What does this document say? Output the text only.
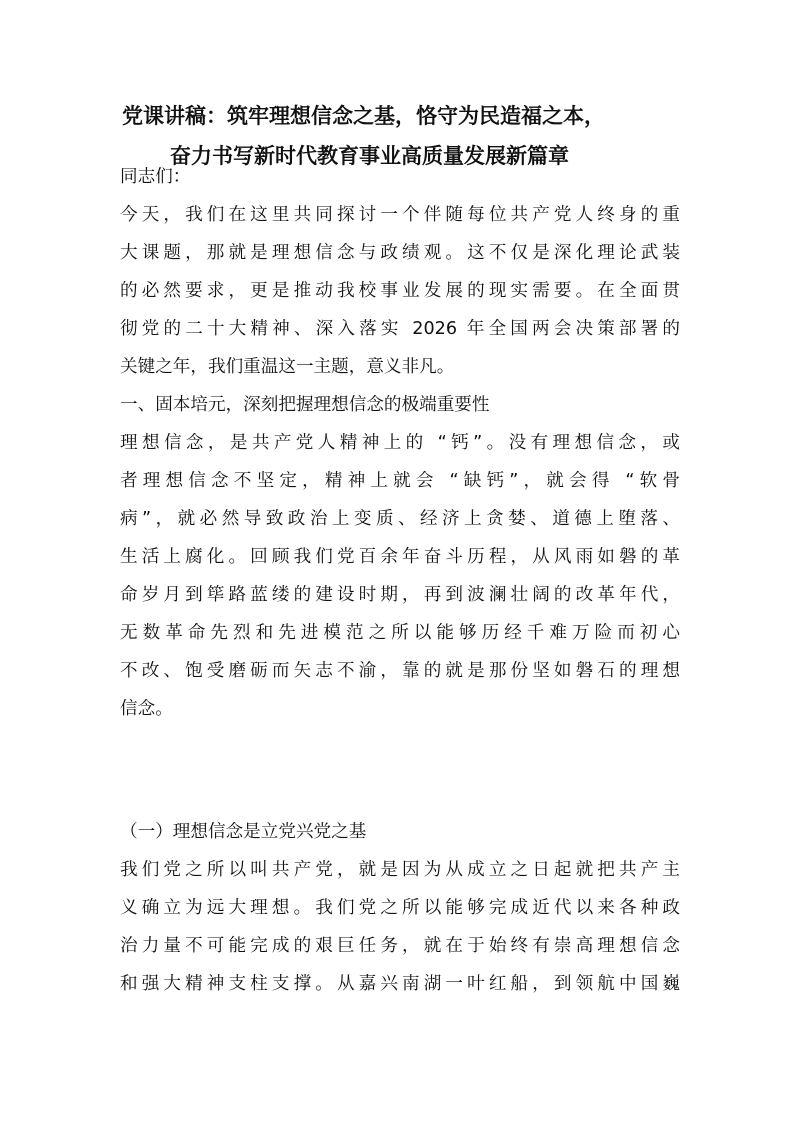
党课讲稿：筑牢理想信念之基，恪守为民造福之本，
奋力书写新时代教育事业高质量发展新篇章
同志们：
今天，我们在这里共同探讨一个伴随每位共产党人终身的重
大课题，那就是理想信念与政绩观。这不仅是深化理论武装
的必然要求，更是推动我校事业发展的现实需要。在全面贯
彻党的二十大精神、深入落实 2026 年全国两会决策部署的
关键之年，我们重温这一主题，意义非凡。
一、固本培元，深刻把握理想信念的极端重要性
理想信念，是共产党人精神上的 “钙”。没有理想信念，或
者理想信念不坚定，精神上就会 “缺钙”，就会得 “软骨
病”，就必然导致政治上变质、经济上贪婪、道德上堕落、
生活上腐化。回顾我们党百余年奋斗历程，从风雨如磐的革
命岁月到筚路蓝缕的建设时期，再到波澜壮阔的改革年代，
无数革命先烈和先进模范之所以能够历经千难万险而初心
不改、饱受磨砺而矢志不渝，靠的就是那份坚如磐石的理想
信念。
（一）理想信念是立党兴党之基
我们党之所以叫共产党，就是因为从成立之日起就把共产主
义确立为远大理想。我们党之所以能够完成近代以来各种政
治力量不可能完成的艰巨任务，就在于始终有崇高理想信念
和强大精神支柱支撑。从嘉兴南湖一叶红船，到领航中国巍
